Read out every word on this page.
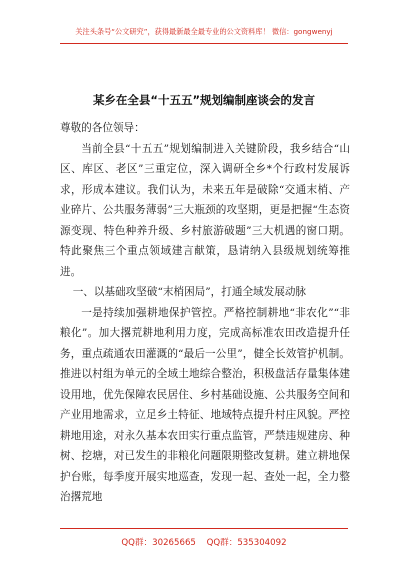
关注头条号“公文研究”，获得最新最全最专业的公文资料库！ 微信：gongwenyj
某乡在全县“十五五”规划编制座谈会的发言

尊敬的各位领导：

当前全县“十五五”规划编制进入关键阶段，我乡结合“山区、库区、老区”三重定位，深入调研全乡*个行政村发展诉求，形成本建议。我们认为，未来五年是破除“交通末梢、产业碎片、公共服务薄弱”三大瓶颈的攻坚期，更是把握“生态资源变现、特色种养升级、乡村旅游破题”三大机遇的窗口期。特此聚焦三个重点领域建言献策，恳请纳入县级规划统筹推进。

一、以基础攻坚破“末梢困局”，打通全域发展动脉

一是持续加强耕地保护管控。严格控制耕地“非农化”“非粮化”。加大撂荒耕地利用力度，完成高标准农田改造提升任务，重点疏通农田灌溉的“最后一公里”，健全长效管护机制。推进以村组为单元的全域土地综合整治，积极盘活存量集体建设用地，优先保障农民居住、乡村基础设施、公共服务空间和产业用地需求，立足乡土特征、地域特点提升村庄风貌。严控耕地用途，对永久基本农田实行重点监管，严禁违规建房、种树、挖塘，对已发生的非粮化问题限期整改复耕。建立耕地保护台账，每季度开展实地巡查，发现一起、查处一起，全力整治撂荒地

QQ群：30265665 QQ群：535304092
